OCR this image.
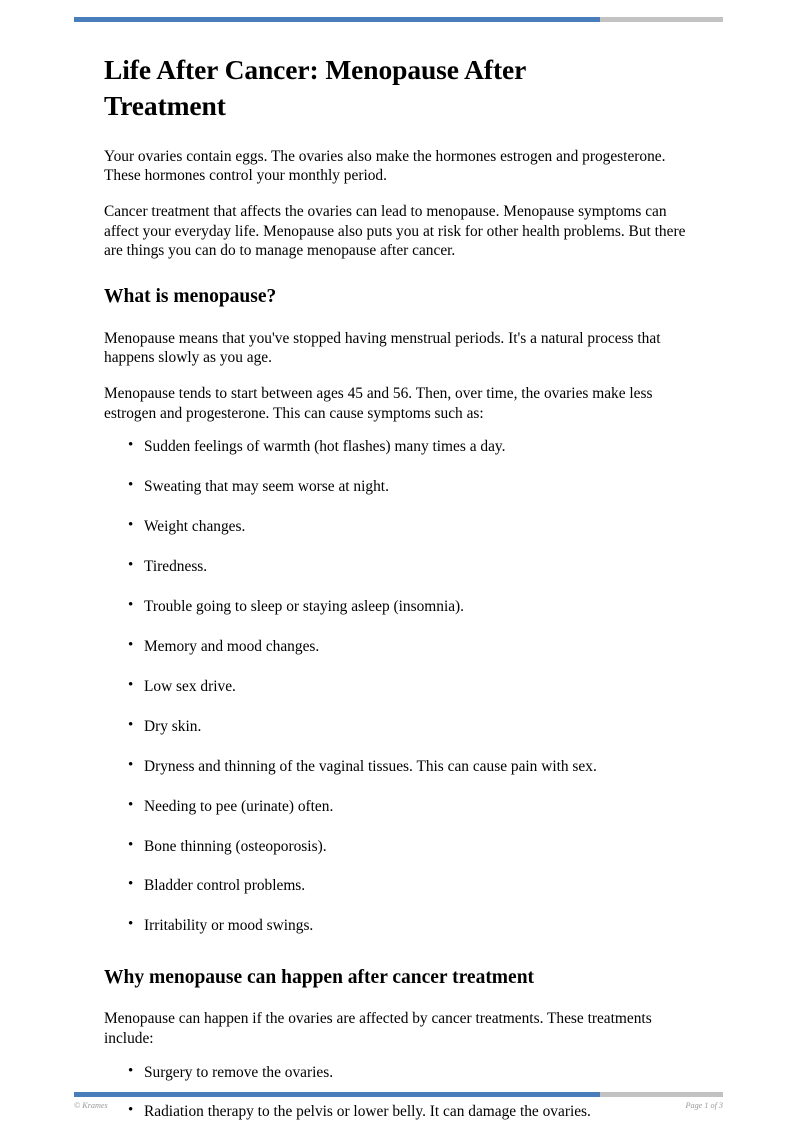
Life After Cancer: Menopause After Treatment

Your ovaries contain eggs. The ovaries also make the hormones estrogen and progesterone. These hormones control your monthly period.

Cancer treatment that affects the ovaries can lead to menopause. Menopause symptoms can affect your everyday life. Menopause also puts you at risk for other health problems. But there are things you can do to manage menopause after cancer.

What is menopause?

Menopause means that you've stopped having menstrual periods. It's a natural process that happens slowly as you age.

Menopause tends to start between ages 45 and 56. Then, over time, the ovaries make less estrogen and progesterone. This can cause symptoms such as:

• Sudden feelings of warmth (hot flashes) many times a day.
• Sweating that may seem worse at night.
• Weight changes.
• Tiredness.
• Trouble going to sleep or staying asleep (insomnia).
• Memory and mood changes.
• Low sex drive.
• Dry skin.
• Dryness and thinning of the vaginal tissues. This can cause pain with sex.
• Needing to pee (urinate) often.
• Bone thinning (osteoporosis).
• Bladder control problems.
• Irritability or mood swings.
Why menopause can happen after cancer treatment

Menopause can happen if the ovaries are affected by cancer treatments. These treatments include:

• Surgery to remove the ovaries.
• Radiation therapy to the pelvis or lower belly. It can damage the ovaries.
© Krames	Page 1 of 3
